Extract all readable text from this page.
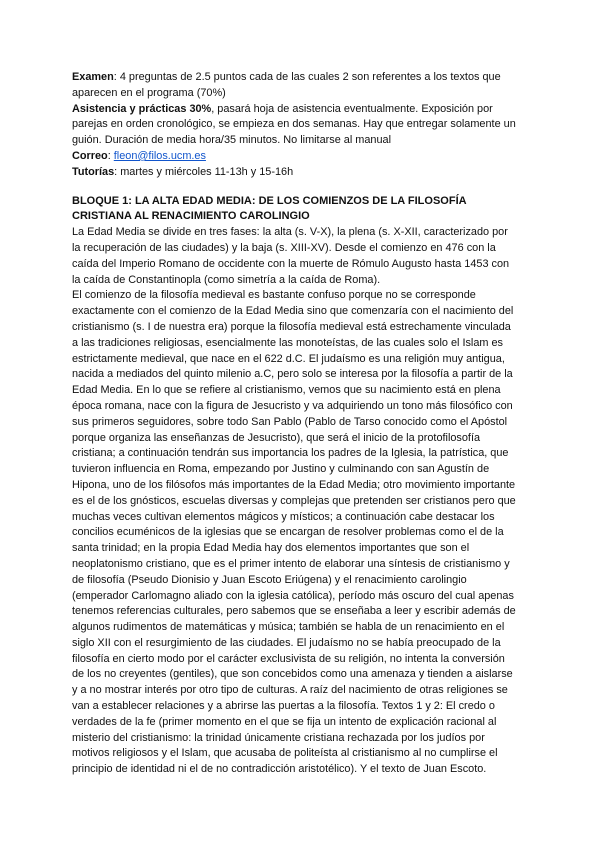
Examen: 4 preguntas de 2.5 puntos cada de las cuales 2 son referentes a los textos que
aparecen en el programa (70%)
Asistencia y prácticas 30%, pasará hoja de asistencia eventualmente. Exposición por
parejas en orden cronológico, se empieza en dos semanas. Hay que entregar solamente un
guión. Duración de media hora/35 minutos. No limitarse al manual
Correo: fleon@filos.ucm.es
Tutorías: martes y miércoles 11-13h y 15-16h
BLOQUE 1: LA ALTA EDAD MEDIA: DE LOS COMIENZOS DE LA FILOSOFÍA
CRISTIANA AL RENACIMIENTO CAROLINGIO
La Edad Media se divide en tres fases: la alta (s. V-X), la plena (s. X-XII, caracterizado por
la recuperación de las ciudades) y la baja (s. XIII-XV). Desde el comienzo en 476 con la
caída del Imperio Romano de occidente con la muerte de Rómulo Augusto hasta 1453 con
la caída de Constantinopla (como simetría a la caída de Roma).
El comienzo de la filosofía medieval es bastante confuso porque no se corresponde
exactamente con el comienzo de la Edad Media sino que comenzaría con el nacimiento del
cristianismo (s. I de nuestra era) porque la filosofía medieval está estrechamente vinculada
a las tradiciones religiosas, esencialmente las monoteístas, de las cuales solo el Islam es
estrictamente medieval, que nace en el 622 d.C. El judaísmo es una religión muy antigua,
nacida a mediados del quinto milenio a.C, pero solo se interesa por la filosofía a partir de la
Edad Media. En lo que se refiere al cristianismo, vemos que su nacimiento está en plena
época romana, nace con la figura de Jesucristo y va adquiriendo un tono más filosófico con
sus primeros seguidores, sobre todo San Pablo (Pablo de Tarso conocido como el Apóstol
porque organiza las enseñanzas de Jesucristo), que será el inicio de la protofilosofía
cristiana; a continuación tendrán sus importancia los padres de la Iglesia, la patrística, que
tuvieron influencia en Roma, empezando por Justino y culminando con san Agustín de
Hipona, uno de los filósofos más importantes de la Edad Media; otro movimiento importante
es el de los gnósticos, escuelas diversas y complejas que pretenden ser cristianos pero que
muchas veces cultivan elementos mágicos y místicos; a continuación cabe destacar los
concilios ecuménicos de la iglesias que se encargan de resolver problemas como el de la
santa trinidad; en la propia Edad Media hay dos elementos importantes que son el
neoplatonismo cristiano, que es el primer intento de elaborar una síntesis de cristianismo y
de filosofía (Pseudo Dionisio y Juan Escoto Eriúgena) y el renacimiento carolingio
(emperador Carlomagno aliado con la iglesia católica), período más oscuro del cual apenas
tenemos referencias culturales, pero sabemos que se enseñaba a leer y escribir además de
algunos rudimentos de matemáticas y música; también se habla de un renacimiento en el
siglo XII con el resurgimiento de las ciudades. El judaísmo no se había preocupado de la
filosofía en cierto modo por el carácter exclusivista de su religión, no intenta la conversión
de los no creyentes (gentiles), que son concebidos como una amenaza y tienden a aislarse
y a no mostrar interés por otro tipo de culturas. A raíz del nacimiento de otras religiones se
van a establecer relaciones y a abrirse las puertas a la filosofía. Textos 1 y 2: El credo o
verdades de la fe (primer momento en el que se fija un intento de explicación racional al
misterio del cristianismo: la trinidad únicamente cristiana rechazada por los judíos por
motivos religiosos y el Islam, que acusaba de politeísta al cristianismo al no cumplirse el
principio de identidad ni el de no contradicción aristotélico). Y el texto de Juan Escoto.
